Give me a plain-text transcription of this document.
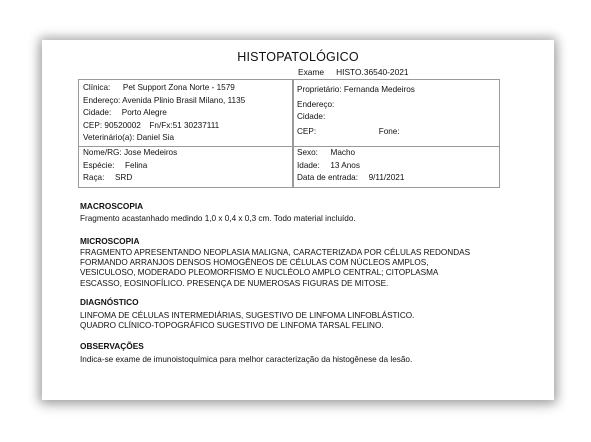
HISTOPATOLÓGICO
Exame HISTO.36540-2021
Clínica: Pet Support Zona Norte - 1579
Endereço: Avenida Plinio Brasil Milano, 1135
Cidade: Porto Alegre
CEP: 90520002 Fn/Fx:51 30237111
Veterinário(a): Daniel Sia
Proprietário: Fernanda Medeiros
Endereço:
Cidade:
CEP:	Fone:
Nome/RG: Jose Medeiros
Espécie: Felina
Raça: SRD
Sexo: Macho
Idade: 13 Anos
Data de entrada: 9/11/2021
MACROSCOPIA
Fragmento acastanhado medindo 1,0 x 0,4 x 0,3 cm. Todo material incluído.
MICROSCOPIA
FRAGMENTO APRESENTANDO NEOPLASIA MALIGNA, CARACTERIZADA POR CÉLULAS REDONDAS
FORMANDO ARRANJOS DENSOS HOMOGÊNEOS DE CÉLULAS COM NÚCLEOS AMPLOS,
VESICULOSO, MODERADO PLEOMORFISMO E NUCLÉOLO AMPLO CENTRAL; CITOPLASMA
ESCASSO, EOSINOFÍLICO. PRESENÇA DE NUMEROSAS FIGURAS DE MITOSE.
DIAGNÓSTICO
LINFOMA DE CÉLULAS INTERMEDIÁRIAS, SUGESTIVO DE LINFOMA LINFOBLÁSTICO.
QUADRO CLÍNICO-TOPOGRÁFICO SUGESTIVO DE LINFOMA TARSAL FELINO.
OBSERVAÇÕES
Indica-se exame de imunoistoquímica para melhor caracterização da histogênese da lesão.
